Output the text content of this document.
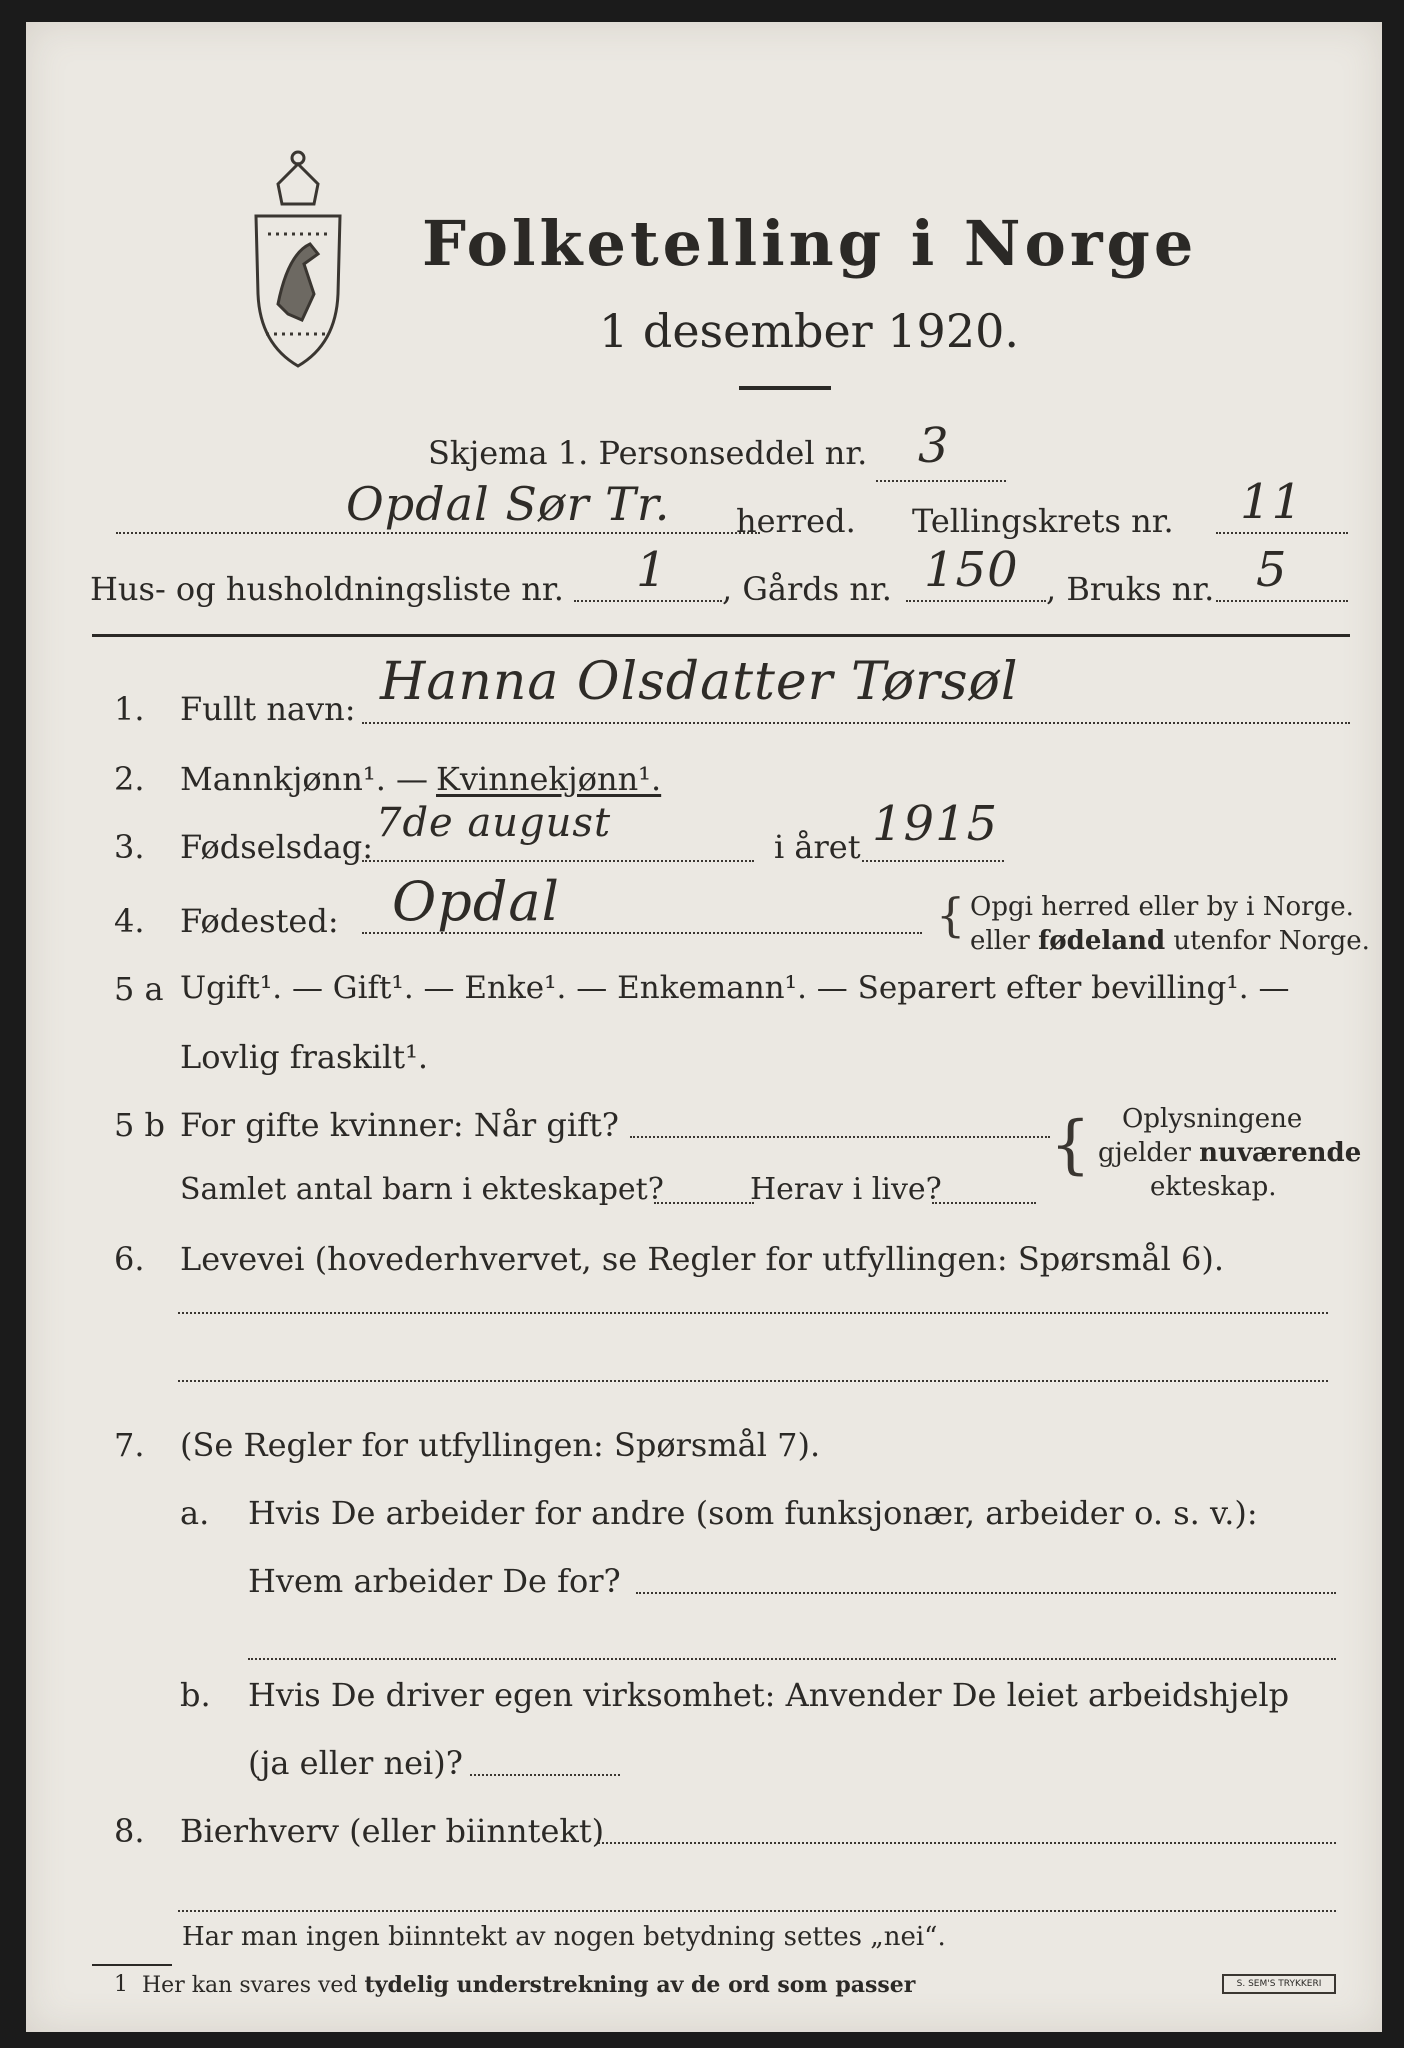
Folketelling i Norge
1 desember 1920.
Skjema 1. Personseddel nr. 3
Opdal Sør Tr. herred. Tellingskrets nr. 11
Hus- og husholdningsliste nr. 1 , Gårds nr. 150 , Bruks nr. 5
1. Fullt navn: Hanna Olsdatter Tørsøl
2. Mannkjønn¹. — Kvinnekjønn¹.
3. Fødselsdag:
7de august
i året 1915
4. Fødested: Opdal	{ Opgi herred eller by i Norge.
eller fødeland utenfor Norge.
5 a Ugift¹. — Gift¹. — Enke¹. — Enkemann¹. — Separert efter bevilling¹. —
Lovlig fraskilt¹.
5 b For gifte kvinner: Når gift?
Samlet antal barn i ekteskapet?	Herav i live?
{ Oplysningene
gjelder nuværende
ekteskap.
6. Levevei (hovederhvervet, se Regler for utfyllingen: Spørsmål 6).
7. (Se Regler for utfyllingen: Spørsmål 7).
a. Hvis De arbeider for andre (som funksjonær, arbeider o. s. v.):
Hvem arbeider De for?
b. Hvis De driver egen virksomhet: Anvender De leiet arbeidshjelp
(ja eller nei)?
8. Bierhverv (eller biinntekt)
Har man ingen biinntekt av nogen betydning settes „nei“.
1 Her kan svares ved tydelig understrekning av de ord som passer	S. SEM'S TRYKKERI
